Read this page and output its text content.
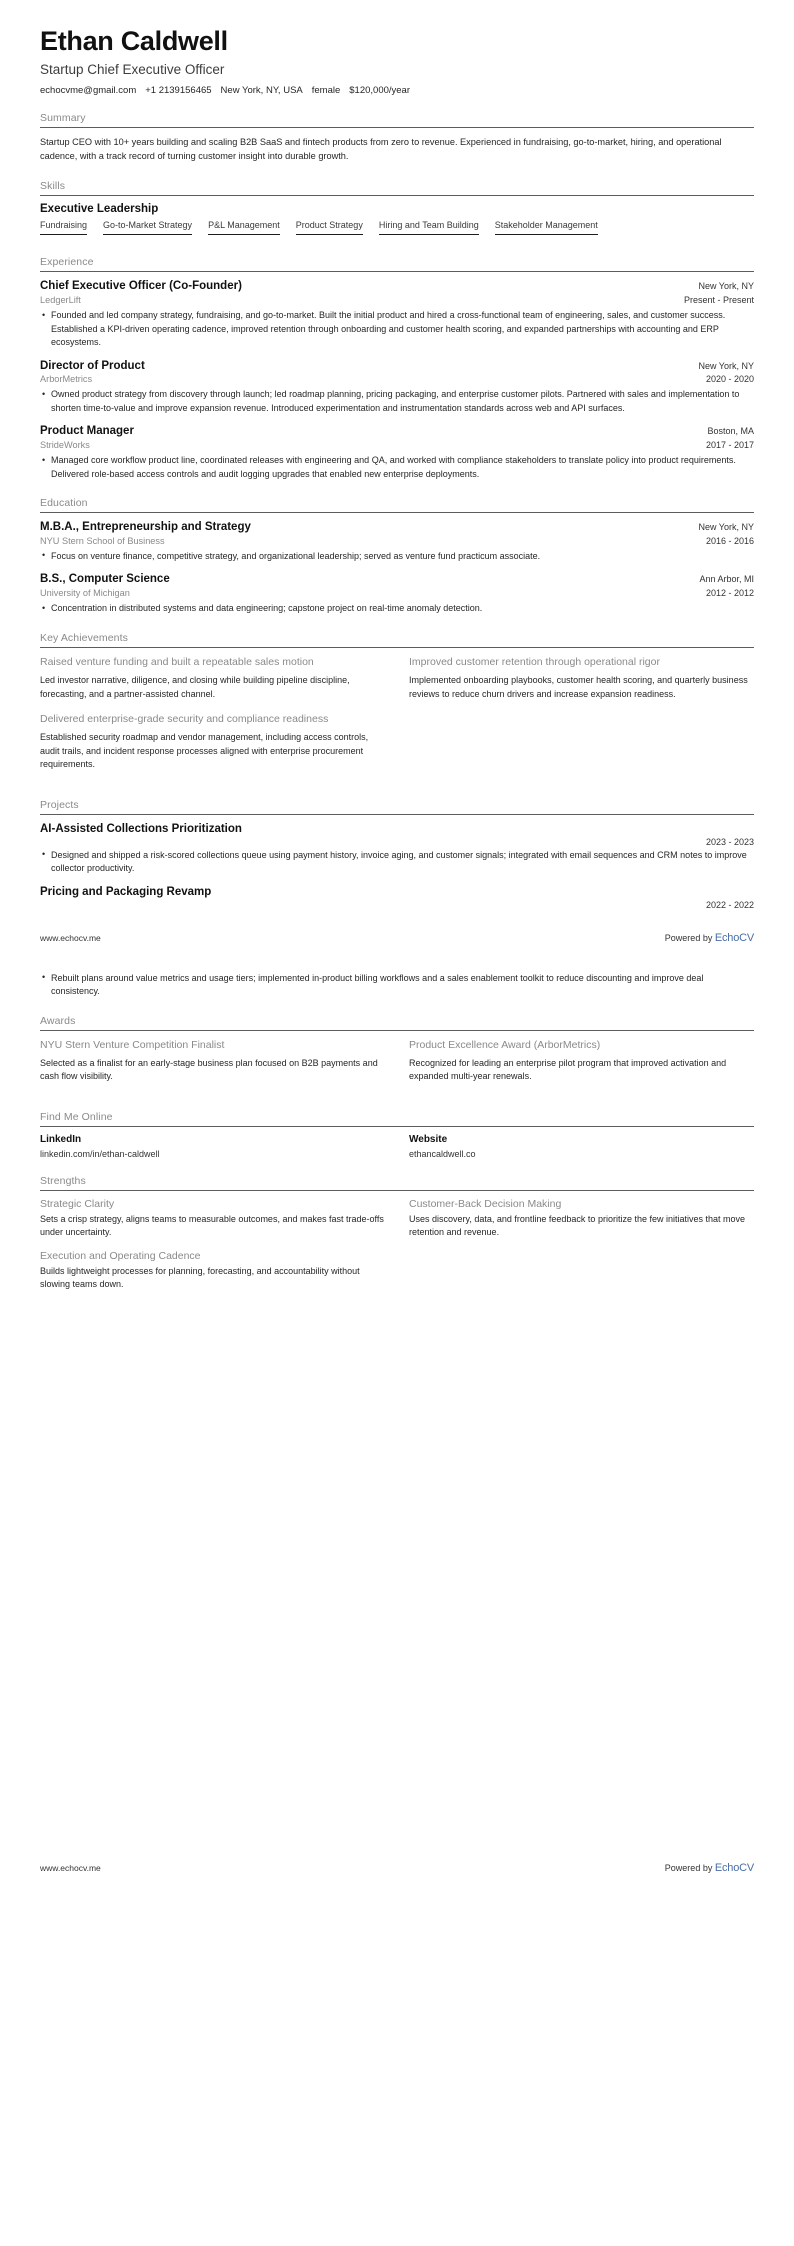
Ethan Caldwell
Startup Chief Executive Officer
echocvme@gmail.com +1 2139156465 New York, NY, USA female $120,000/year
Summary
Startup CEO with 10+ years building and scaling B2B SaaS and fintech products from zero to revenue. Experienced in fundraising, go-to-market, hiring, and operational cadence, with a track record of turning customer insight into durable growth.
Skills
Executive Leadership
Fundraising Go-to-Market Strategy P&L Management Product Strategy Hiring and Team Building Stakeholder Management
Experience
Chief Executive Officer (Co-Founder)	New York, NY
LedgerLift	Present - Present
• Founded and led company strategy, fundraising, and go-to-market. Built the initial product and hired a cross-functional team of engineering, sales, and customer success. Established a KPI-driven operating cadence, improved retention through onboarding and customer health scoring, and expanded partnerships with accounting and ERP ecosystems.
Director of Product	New York, NY
ArborMetrics	2020 - 2020
• Owned product strategy from discovery through launch; led roadmap planning, pricing packaging, and enterprise customer pilots. Partnered with sales and implementation to shorten time-to-value and improve expansion revenue. Introduced experimentation and instrumentation standards across web and API surfaces.
Product Manager	Boston, MA
StrideWorks	2017 - 2017
• Managed core workflow product line, coordinated releases with engineering and QA, and worked with compliance stakeholders to translate policy into product requirements. Delivered role-based access controls and audit logging upgrades that enabled new enterprise deployments.
Education
M.B.A., Entrepreneurship and Strategy	New York, NY
NYU Stern School of Business	2016 - 2016
• Focus on venture finance, competitive strategy, and organizational leadership; served as venture fund practicum associate.
B.S., Computer Science	Ann Arbor, MI
University of Michigan	2012 - 2012
• Concentration in distributed systems and data engineering; capstone project on real-time anomaly detection.
Key Achievements
Raised venture funding and built a repeatable sales motion
Led investor narrative, diligence, and closing while building pipeline discipline, forecasting, and a partner-assisted channel.
Improved customer retention through operational rigor
Implemented onboarding playbooks, customer health scoring, and quarterly business reviews to reduce churn drivers and increase expansion readiness.
Delivered enterprise-grade security and compliance readiness
Established security roadmap and vendor management, including access controls, audit trails, and incident response processes aligned with enterprise procurement requirements.
Projects
AI-Assisted Collections Prioritization
2023 - 2023
• Designed and shipped a risk-scored collections queue using payment history, invoice aging, and customer signals; integrated with email sequences and CRM notes to improve collector productivity.
Pricing and Packaging Revamp
2022 - 2022
www.echocv.me	Powered by EchoCV
• Rebuilt plans around value metrics and usage tiers; implemented in-product billing workflows and a sales enablement toolkit to reduce discounting and improve deal consistency.
Awards
NYU Stern Venture Competition Finalist
Selected as a finalist for an early-stage business plan focused on B2B payments and cash flow visibility.
Product Excellence Award (ArborMetrics)
Recognized for leading an enterprise pilot program that improved activation and expanded multi-year renewals.
Find Me Online
LinkedIn
linkedin.com/in/ethan-caldwell
Website
ethancaldwell.co
Strengths
Strategic Clarity
Sets a crisp strategy, aligns teams to measurable outcomes, and makes fast trade-offs under uncertainty.
Customer-Back Decision Making
Uses discovery, data, and frontline feedback to prioritize the few initiatives that move retention and revenue.
Execution and Operating Cadence
Builds lightweight processes for planning, forecasting, and accountability without slowing teams down.
www.echocv.me	Powered by EchoCV
